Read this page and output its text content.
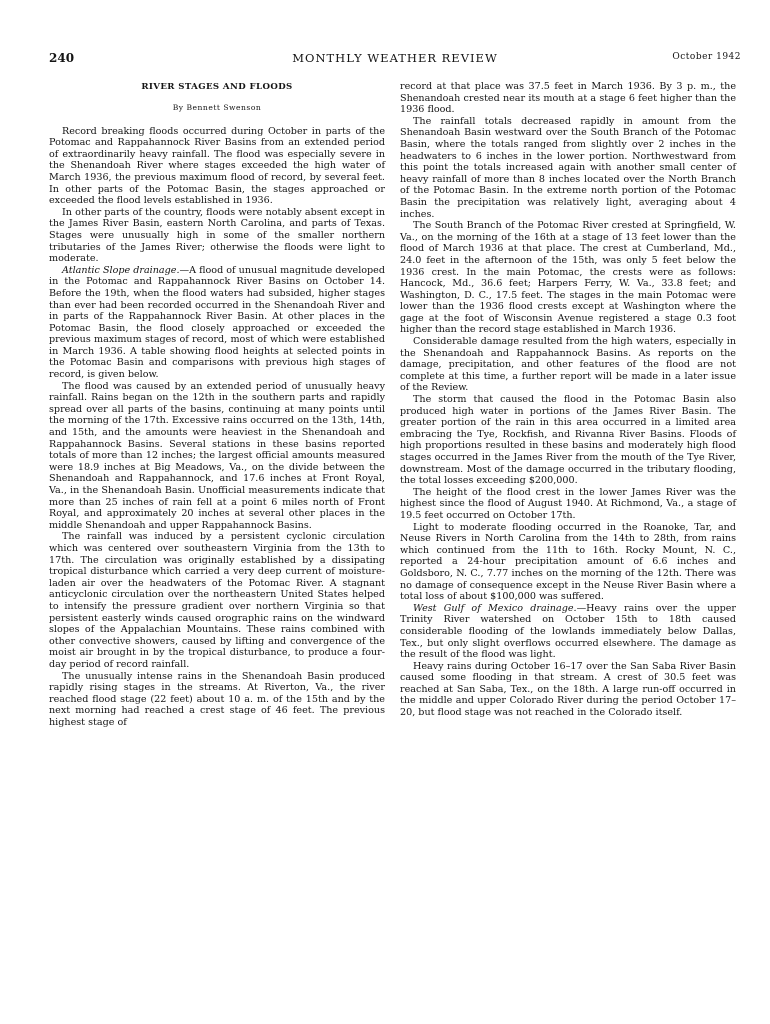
240	MONTHLY WEATHER REVIEW	October 1942
RIVER STAGES AND FLOODS
By Bennett Swenson

Record breaking floods occurred during October in parts of the Potomac and Rappahannock River Basins from an extended period of extraordinarily heavy rainfall. The flood was especially severe in the Shenandoah River where stages exceeded the high water of March 1936, the previous maximum flood of record, by several feet. In other parts of the Potomac Basin, the stages approached or exceeded the flood levels established in 1936.

In other parts of the country, floods were notably absent except in the James River Basin, eastern North Carolina, and parts of Texas. Stages were unusually high in some of the smaller northern tributaries of the James River; otherwise the floods were light to moderate.

Atlantic Slope drainage.—A flood of unusual magnitude developed in the Potomac and Rappahannock River Basins on October 14. Before the 19th, when the flood waters had subsided, higher stages than ever had been recorded occurred in the Shenandoah River and in parts of the Rappahannock River Basin. At other places in the Potomac Basin, the flood closely approached or exceeded the previous maximum stages of record, most of which were established in March 1936. A table showing flood heights at selected points in the Potomac Basin and comparisons with previous high stages of record, is given below.

The flood was caused by an extended period of unusually heavy rainfall. Rains began on the 12th in the southern parts and rapidly spread over all parts of the basins, continuing at many points until the morning of the 17th. Excessive rains occurred on the 13th, 14th, and 15th, and the amounts were heaviest in the Shenandoah and Rappahannock Basins. Several stations in these basins reported totals of more than 12 inches; the largest official amounts measured were 18.9 inches at Big Meadows, Va., on the divide between the Shenandoah and Rappahannock, and 17.6 inches at Front Royal, Va., in the Shenandoah Basin. Unofficial measurements indicate that more than 25 inches of rain fell at a point 6 miles north of Front Royal, and approximately 20 inches at several other places in the middle Shenandoah and upper Rappahannock Basins.

The rainfall was induced by a persistent cyclonic circulation which was centered over southeastern Virginia from the 13th to 17th. The circulation was originally established by a dissipating tropical disturbance which carried a very deep current of moisture-laden air over the headwaters of the Potomac River. A stagnant anticyclonic circulation over the northeastern United States helped to intensify the pressure gradient over northern Virginia so that persistent easterly winds caused orographic rains on the windward slopes of the Appalachian Mountains. These rains combined with other convective showers, caused by lifting and convergence of the moist air brought in by the tropical disturbance, to produce a four-day period of record rainfall.

The unusually intense rains in the Shenandoah Basin produced rapidly rising stages in the streams. At Riverton, Va., the river reached flood stage (22 feet) about 10 a. m. of the 15th and by the next morning had reached a crest stage of 46 feet. The previous highest stage of

record at that place was 37.5 feet in March 1936. By 3 p. m., the Shenandoah crested near its mouth at a stage 6 feet higher than the 1936 flood.

The rainfall totals decreased rapidly in amount from the Shenandoah Basin westward over the South Branch of the Potomac Basin, where the totals ranged from slightly over 2 inches in the headwaters to 6 inches in the lower portion. Northwestward from this point the totals increased again with another small center of heavy rainfall of more than 8 inches located over the North Branch of the Potomac Basin. In the extreme north portion of the Potomac Basin the precipitation was relatively light, averaging about 4 inches.

The South Branch of the Potomac River crested at Springfield, W. Va., on the morning of the 16th at a stage of 13 feet lower than the flood of March 1936 at that place. The crest at Cumberland, Md., 24.0 feet in the afternoon of the 15th, was only 5 feet below the 1936 crest. In the main Potomac, the crests were as follows: Hancock, Md., 36.6 feet; Harpers Ferry, W. Va., 33.8 feet; and Washington, D. C., 17.5 feet. The stages in the main Potomac were lower than the 1936 flood crests except at Washington where the gage at the foot of Wisconsin Avenue registered a stage 0.3 foot higher than the record stage established in March 1936.

Considerable damage resulted from the high waters, especially in the Shenandoah and Rappahannock Basins. As reports on the damage, precipitation, and other features of the flood are not complete at this time, a further report will be made in a later issue of the Review.

The storm that caused the flood in the Potomac Basin also produced high water in portions of the James River Basin. The greater portion of the rain in this area occurred in a limited area embracing the Tye, Rockfish, and Rivanna River Basins. Floods of high proportions resulted in these basins and moderately high flood stages occurred in the James River from the mouth of the Tye River, downstream. Most of the damage occurred in the tributary flooding, the total losses exceeding $200,000.

The height of the flood crest in the lower James River was the highest since the flood of August 1940. At Richmond, Va., a stage of 19.5 feet occurred on October 17th.

Light to moderate flooding occurred in the Roanoke, Tar, and Neuse Rivers in North Carolina from the 14th to 28th, from rains which continued from the 11th to 16th. Rocky Mount, N. C., reported a 24-hour precipitation amount of 6.6 inches and Goldsboro, N. C., 7.77 inches on the morning of the 12th. There was no damage of consequence except in the Neuse River Basin where a total loss of about $100,000 was suffered.

West Gulf of Mexico drainage.—Heavy rains over the upper Trinity River watershed on October 15th to 18th caused considerable flooding of the lowlands immediately below Dallas, Tex., but only slight overflows occurred elsewhere. The damage as the result of the flood was light.

Heavy rains during October 16–17 over the San Saba River Basin caused some flooding in that stream. A crest of 30.5 feet was reached at San Saba, Tex., on the 18th. A large run-off occurred in the middle and upper Colorado River during the period October 17–20, but flood stage was not reached in the Colorado itself.
